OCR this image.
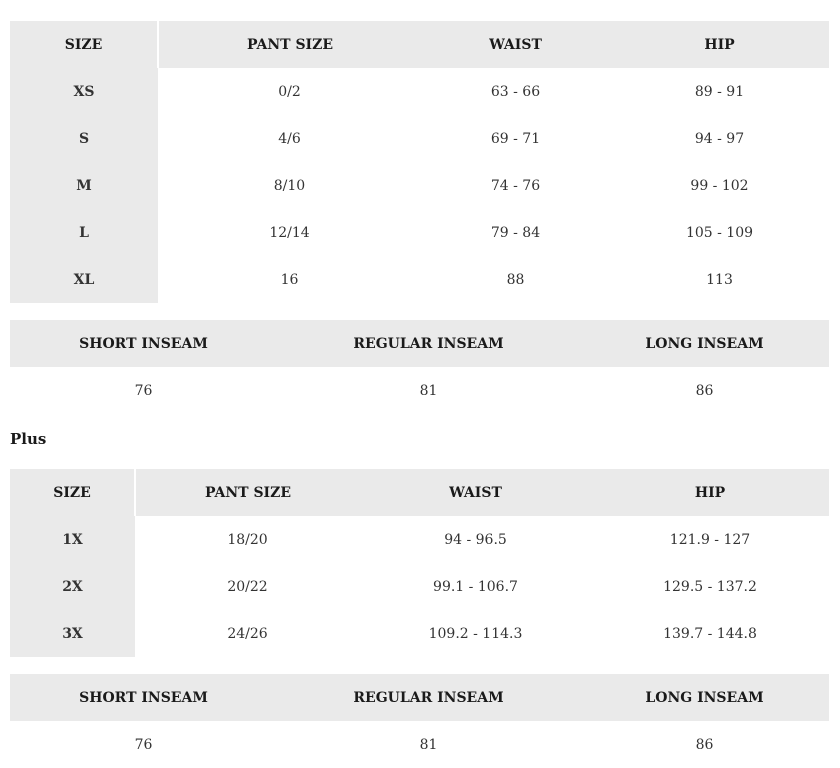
SIZE	PANT SIZE	WAIST	HIP
XS	0/2	63 - 66	89 - 91
S	4/6	69 - 71	94 - 97
M	8/10	74 - 76	99 - 102
L	12/14	79 - 84	105 - 109
XL	16	88	113
SHORT INSEAM	REGULAR INSEAM	LONG INSEAM
76	81	86
Plus
SIZE	PANT SIZE	WAIST	HIP
1X	18/20	94 - 96.5	121.9 - 127
2X	20/22	99.1 - 106.7	129.5 - 137.2
3X	24/26	109.2 - 114.3	139.7 - 144.8
SHORT INSEAM	REGULAR INSEAM	LONG INSEAM
76	81	86
